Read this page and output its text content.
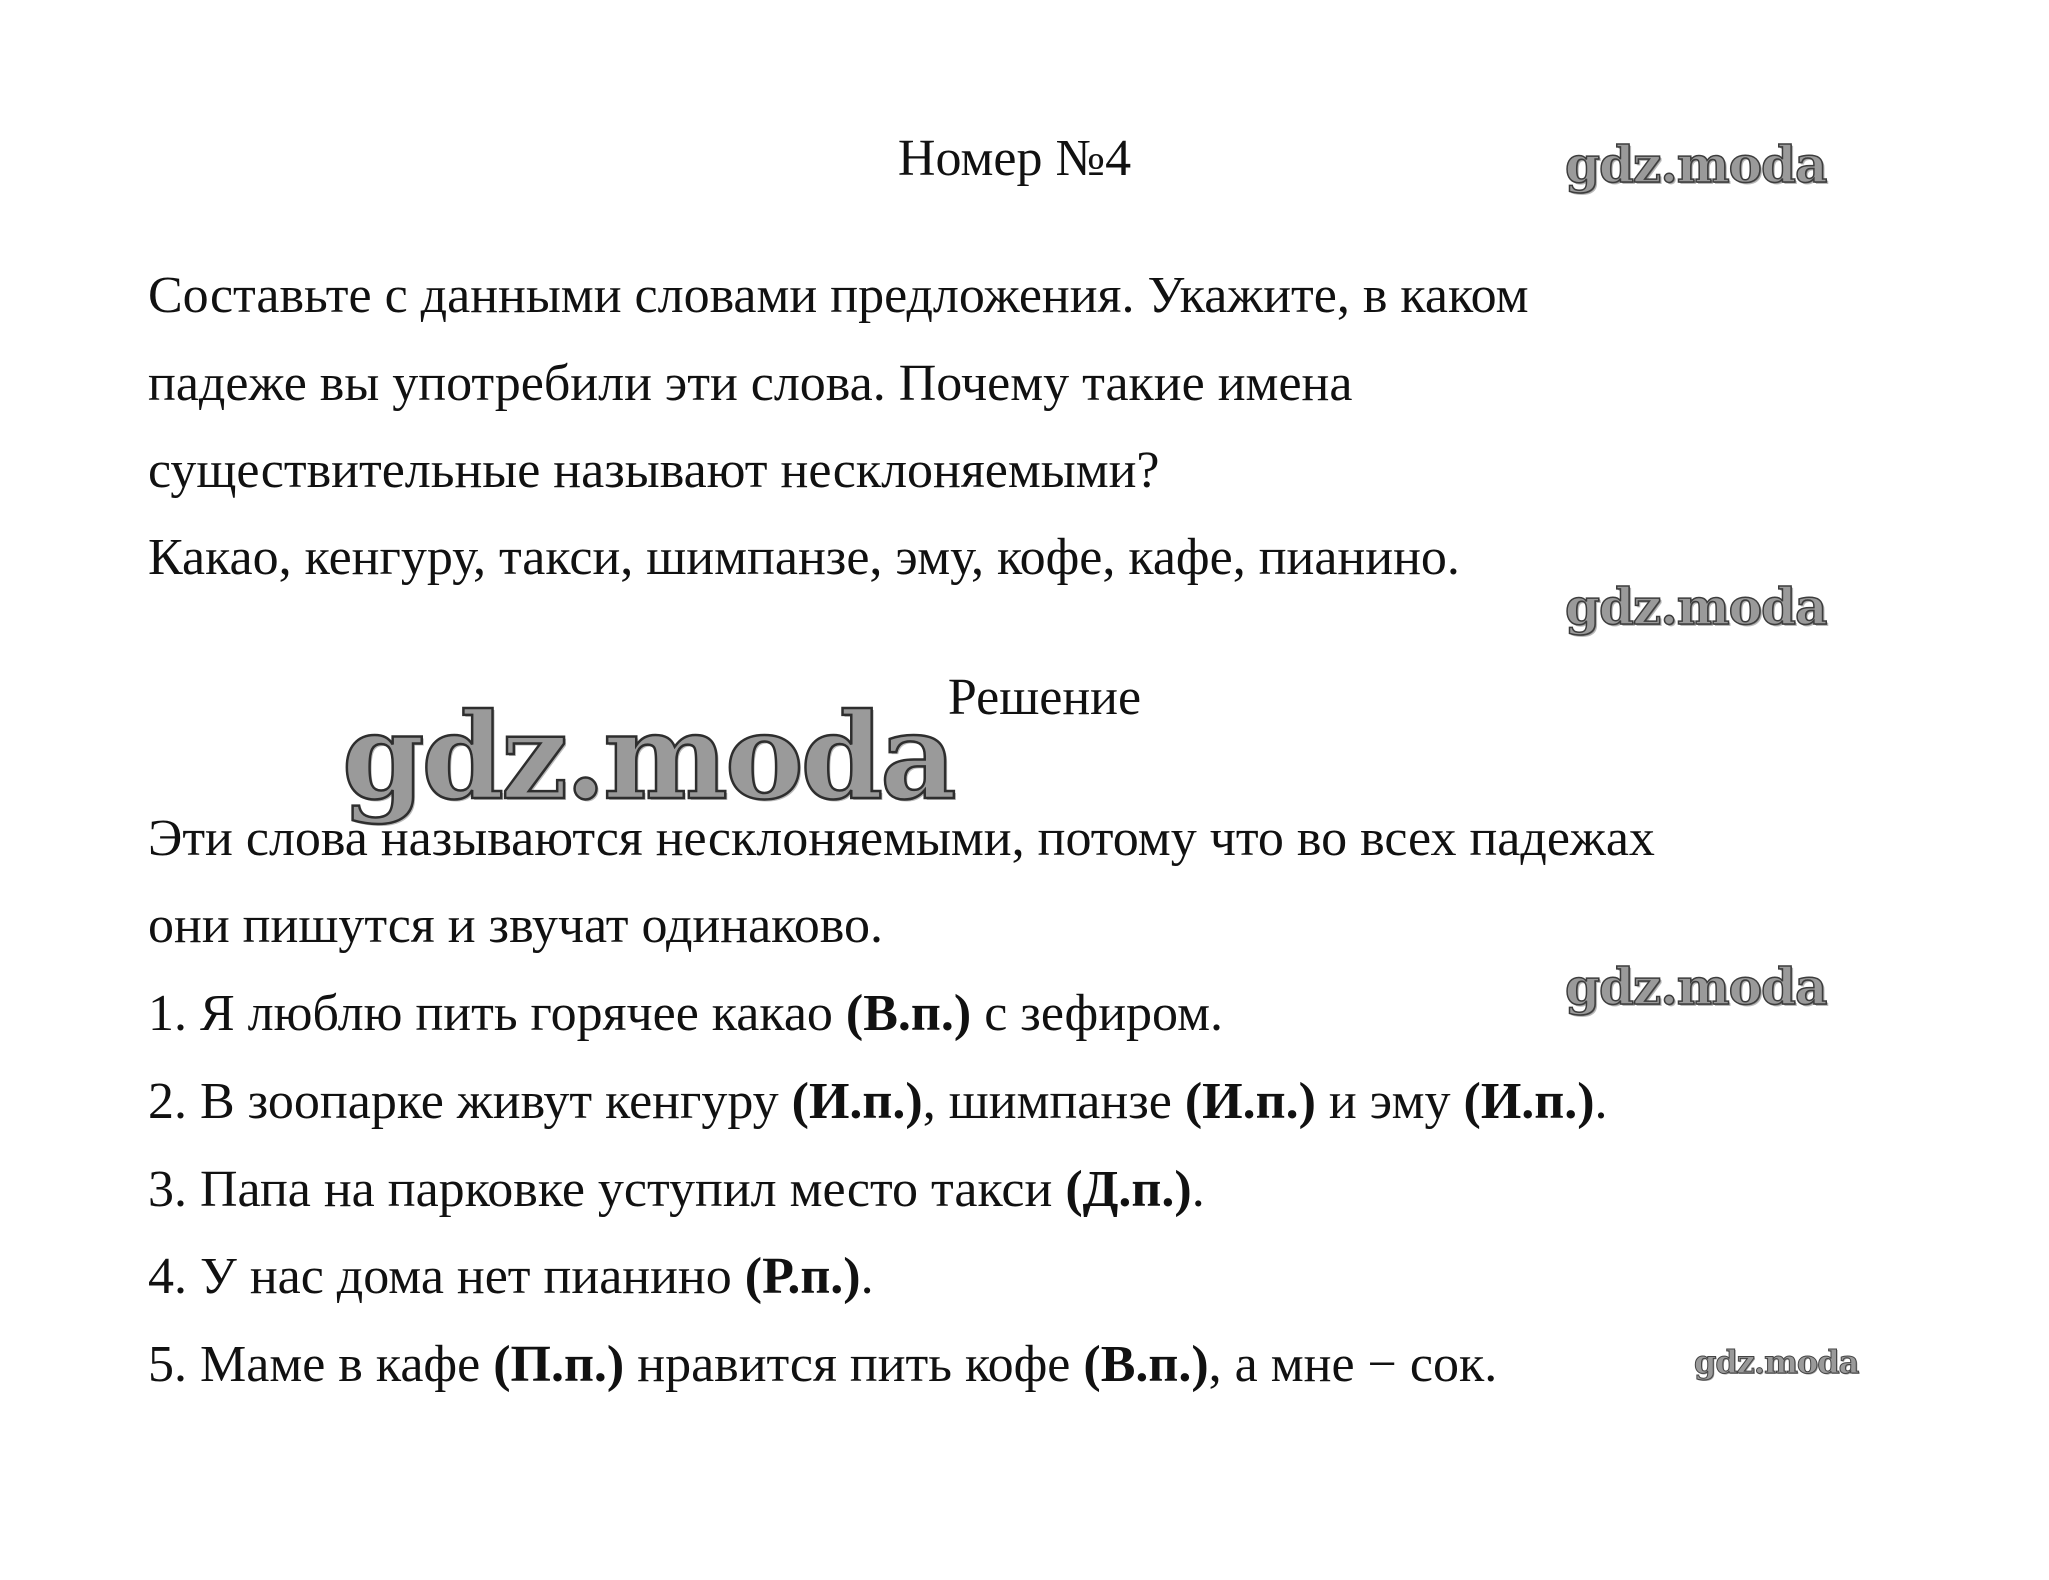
Номер №4	gdz.moda
Составьте с данными словами предложения. Укажите, в каком
падеже вы употребили эти слова. Почему такие имена
существительные называют несклоняемыми?
Какао, кенгуру, такси, шимпанзе, эму, кофе, кафе, пианино.
gdz.moda
Решение
gdz.moda
Эти слова называются несклоняемыми, потому что во всех падежах
они пишутся и звучат одинаково.
gdz.moda
1. Я люблю пить горячее какао (В.п.) с зефиром.
2. В зоопарке живут кенгуру (И.п.), шимпанзе (И.п.) и эму (И.п.).
3. Папа на парковке уступил место такси (Д.п.).
4. У нас дома нет пианино (Р.п.).
5. Маме в кафе (П.п.) нравится пить кофе (В.п.), а мне − сок.	gdz.moda
